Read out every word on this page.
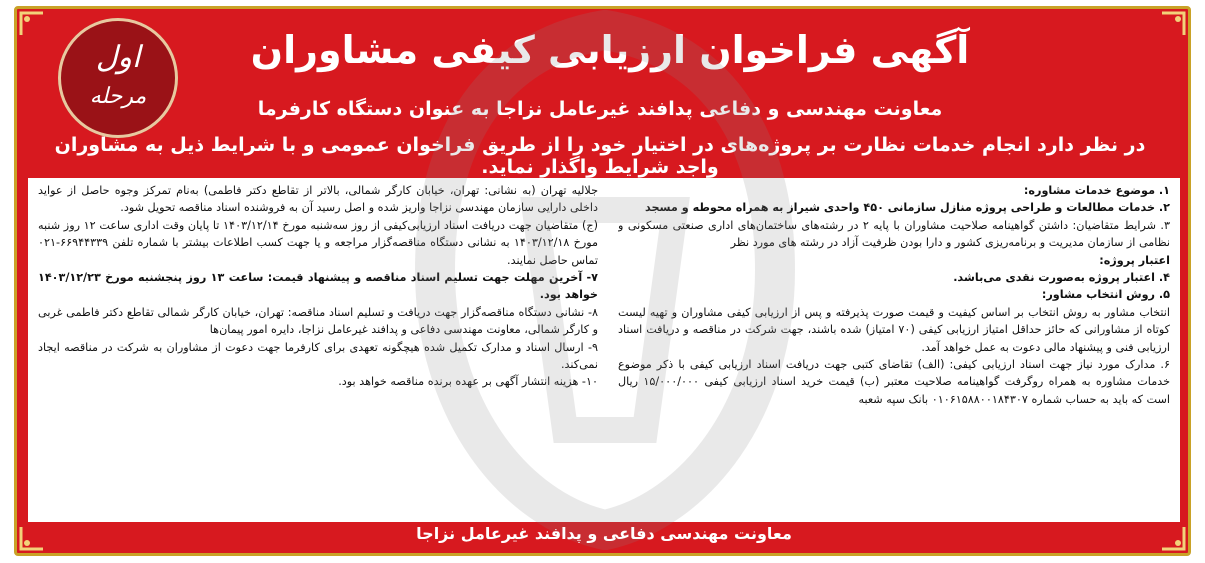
اول
مرحله
آگهی فراخوان ارزیابی کیفی مشاوران
معاونت مهندسی و دفاعی پدافند غیرعامل نزاجا به عنوان دستگاه کارفرما
در نظر دارد انجام خدمات نظارت بر پروژه‌های در اختیار خود را از طریق فراخوان عمومی و با شرایط ذیل به مشاوران واجد شرایط واگذار نماید.

۱. موضوع خدمات مشاوره:

۲. خدمات مطالعات و طراحی پروژه منازل سازمانی ۴۵۰ واحدی شیراز به همراه محوطه و مسجد

۳. شرایط متقاضیان: داشتن گواهینامه صلاحیت مشاوران با پایه ۲ در رشته‌های ساختمان‌های اداری صنعتی مسکونی و نظامی از سازمان مدیریت و برنامه‌ریزی کشور و دارا بودن ظرفیت آزاد در رشته های مورد نظر

اعتبار پروژه:

۴. اعتبار پروژه به‌صورت نقدی می‌باشد.

۵. روش انتخاب مشاور:

انتخاب مشاور به روش انتخاب بر اساس کیفیت و قیمت صورت پذیرفته و پس از ارزیابی کیفی مشاوران و تهیه لیست کوتاه از مشاورانی که حائز حداقل امتیاز ارزیابی کیفی (۷۰ امتیاز) شده باشند، جهت شرکت در مناقصه و دریافت اسناد ارزیابی فنی و پیشنهاد مالی دعوت به عمل خواهد آمد.

۶. مدارک مورد نیاز جهت اسناد ارزیابی کیفی: (الف) تقاضای کتبی جهت دریافت اسناد ارزیابی کیفی با ذکر موضوع خدمات مشاوره به همراه روگرفت گواهینامه صلاحیت معتبر (ب) قیمت خرید اسناد ارزیابی کیفی ۱۵/۰۰۰/۰۰۰ ریال است که باید به حساب شماره ۰۱۰۶۱۵۸۸۰۰۱۸۴۳۰۷ بانک سپه شعبه

جلالیه تهران (به نشانی: تهران، خیابان کارگر شمالی، بالاتر از تقاطع دکتر فاطمی) به‌نام تمرکز وجوه حاصل از عواید داخلی دارایی سازمان مهندسی نزاجا واریز شده و اصل رسید آن به فروشنده اسناد مناقصه تحویل شود.

(ج) متقاضیان جهت دریافت اسناد ارزیابی‌کیفی از روز سه‌شنبه مورخ ۱۴۰۳/۱۲/۱۴ تا پایان وقت اداری ساعت ۱۲ روز شنبه مورخ ۱۴۰۳/۱۲/۱۸ به نشانی دستگاه مناقصه‌گزار مراجعه و یا جهت کسب اطلاعات بیشتر با شماره تلفن ۶۶۹۴۴۳۳۹-۰۲۱ تماس حاصل نمایند.

۷- آخرین مهلت جهت تسلیم اسناد مناقصه و پیشنهاد قیمت: ساعت ۱۳ روز پنجشنبه مورخ ۱۴۰۳/۱۲/۲۳ خواهد بود.

۸- نشانی دستگاه مناقصه‌گزار جهت دریافت و تسلیم اسناد مناقصه: تهران، خیابان کارگر شمالی تقاطع دکتر فاطمی غربی و کارگر شمالی، معاونت مهندسی دفاعی و پدافند غیرعامل نزاجا، دایره امور پیمان‌ها

۹- ارسال اسناد و مدارک تکمیل شده هیچگونه تعهدی برای کارفرما جهت دعوت از مشاوران به شرکت در مناقصه ایجاد نمی‌کند.

۱۰- هزینه انتشار آگهی بر عهده برنده مناقصه خواهد بود.

معاونت مهندسی دفاعی و پدافند غیرعامل نزاجا
